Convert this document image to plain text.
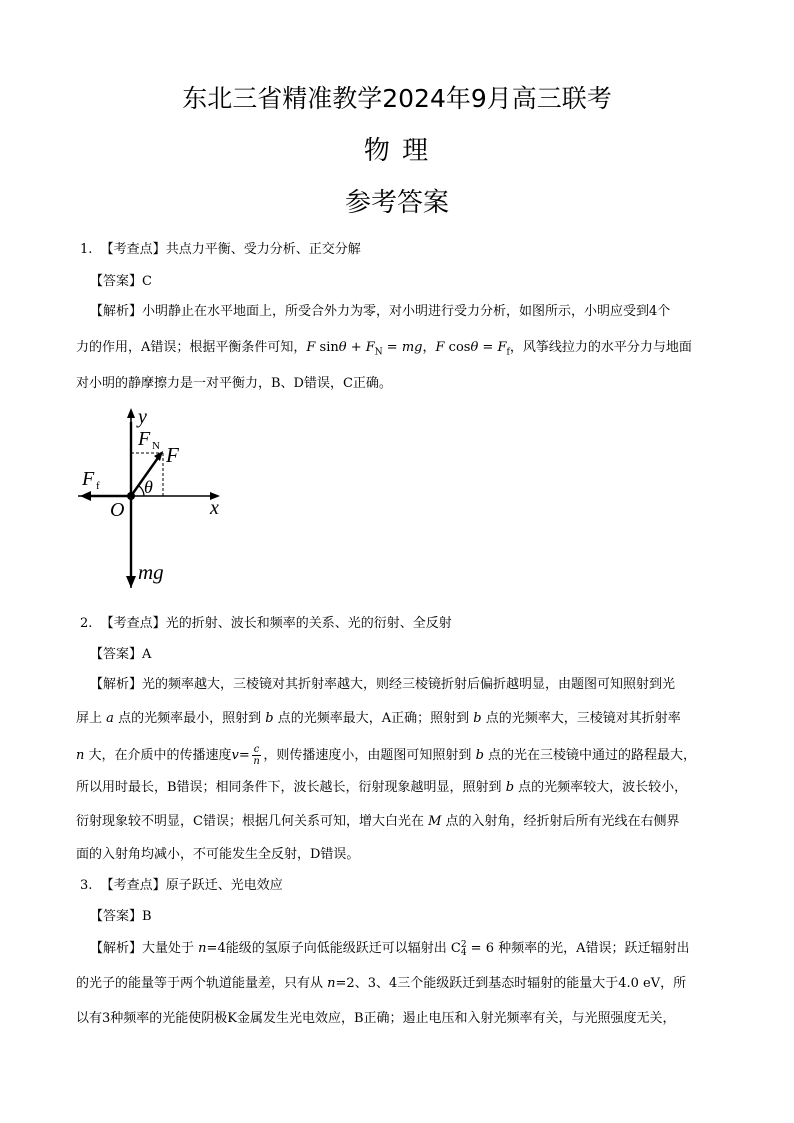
东北三省精准教学2024年9月高三联考
物 理
参考答案
1. 【考查点】共点力平衡、受力分析、正交分解
【答案】C
【解析】小明静止在水平地面上，所受合外力为零，对小明进行受力分析，如图所示，小明应受到4个
力的作用，A错误；根据平衡条件可知，F $\sin\theta + F_N$ = mg，F $\cos\theta = F_f$，风筝线拉力的水平分力与地面
对小明的静摩擦力是一对平衡力，B、D错误，C正确。
y
x
O
F
F N
F f θ
mg
2. 【考查点】光的折射、波长和频率的关系、光的衍射、全反射
【答案】A
【解析】光的频率越大，三棱镜对其折射率越大，则经三棱镜折射后偏折越明显，由题图可知照射到光
屏上 a 点的光频率最小，照射到 b 点的光频率最大，A正确；照射到 b 点的光频率大，三棱镜对其折射率
n 大，在介质中的传播速度$v= \frac{c}{n}$ ，则传播速度小，由题图可知照射到 b 点的光在三棱镜中通过的路程最大，
所以用时最长，B错误；相同条件下，波长越长，衍射现象越明显，照射到 b 点的光频率较大，波长较小，
衍射现象较不明显，C错误；根据几何关系可知，增大白光在 M 点的入射角，经折射后所有光线在右侧界
面的入射角均减小，不可能发生全反射，D错误。
3. 【考查点】原子跃迁、光电效应
【答案】B
【解析】大量处于 n=4能级的氢原子向低能级跃迁可以辐射出 C 2
4 = 6 种频率的光，A错误；跃迁辐射出
的光子的能量等于两个轨道能量差，只有从 n=2、3、4三个能级跃迁到基态时辐射的能量大于4.0 eV，所
以有3种频率的光能使阴极K金属发生光电效应，B正确；遏止电压和入射光频率有关，与光照强度无关，
